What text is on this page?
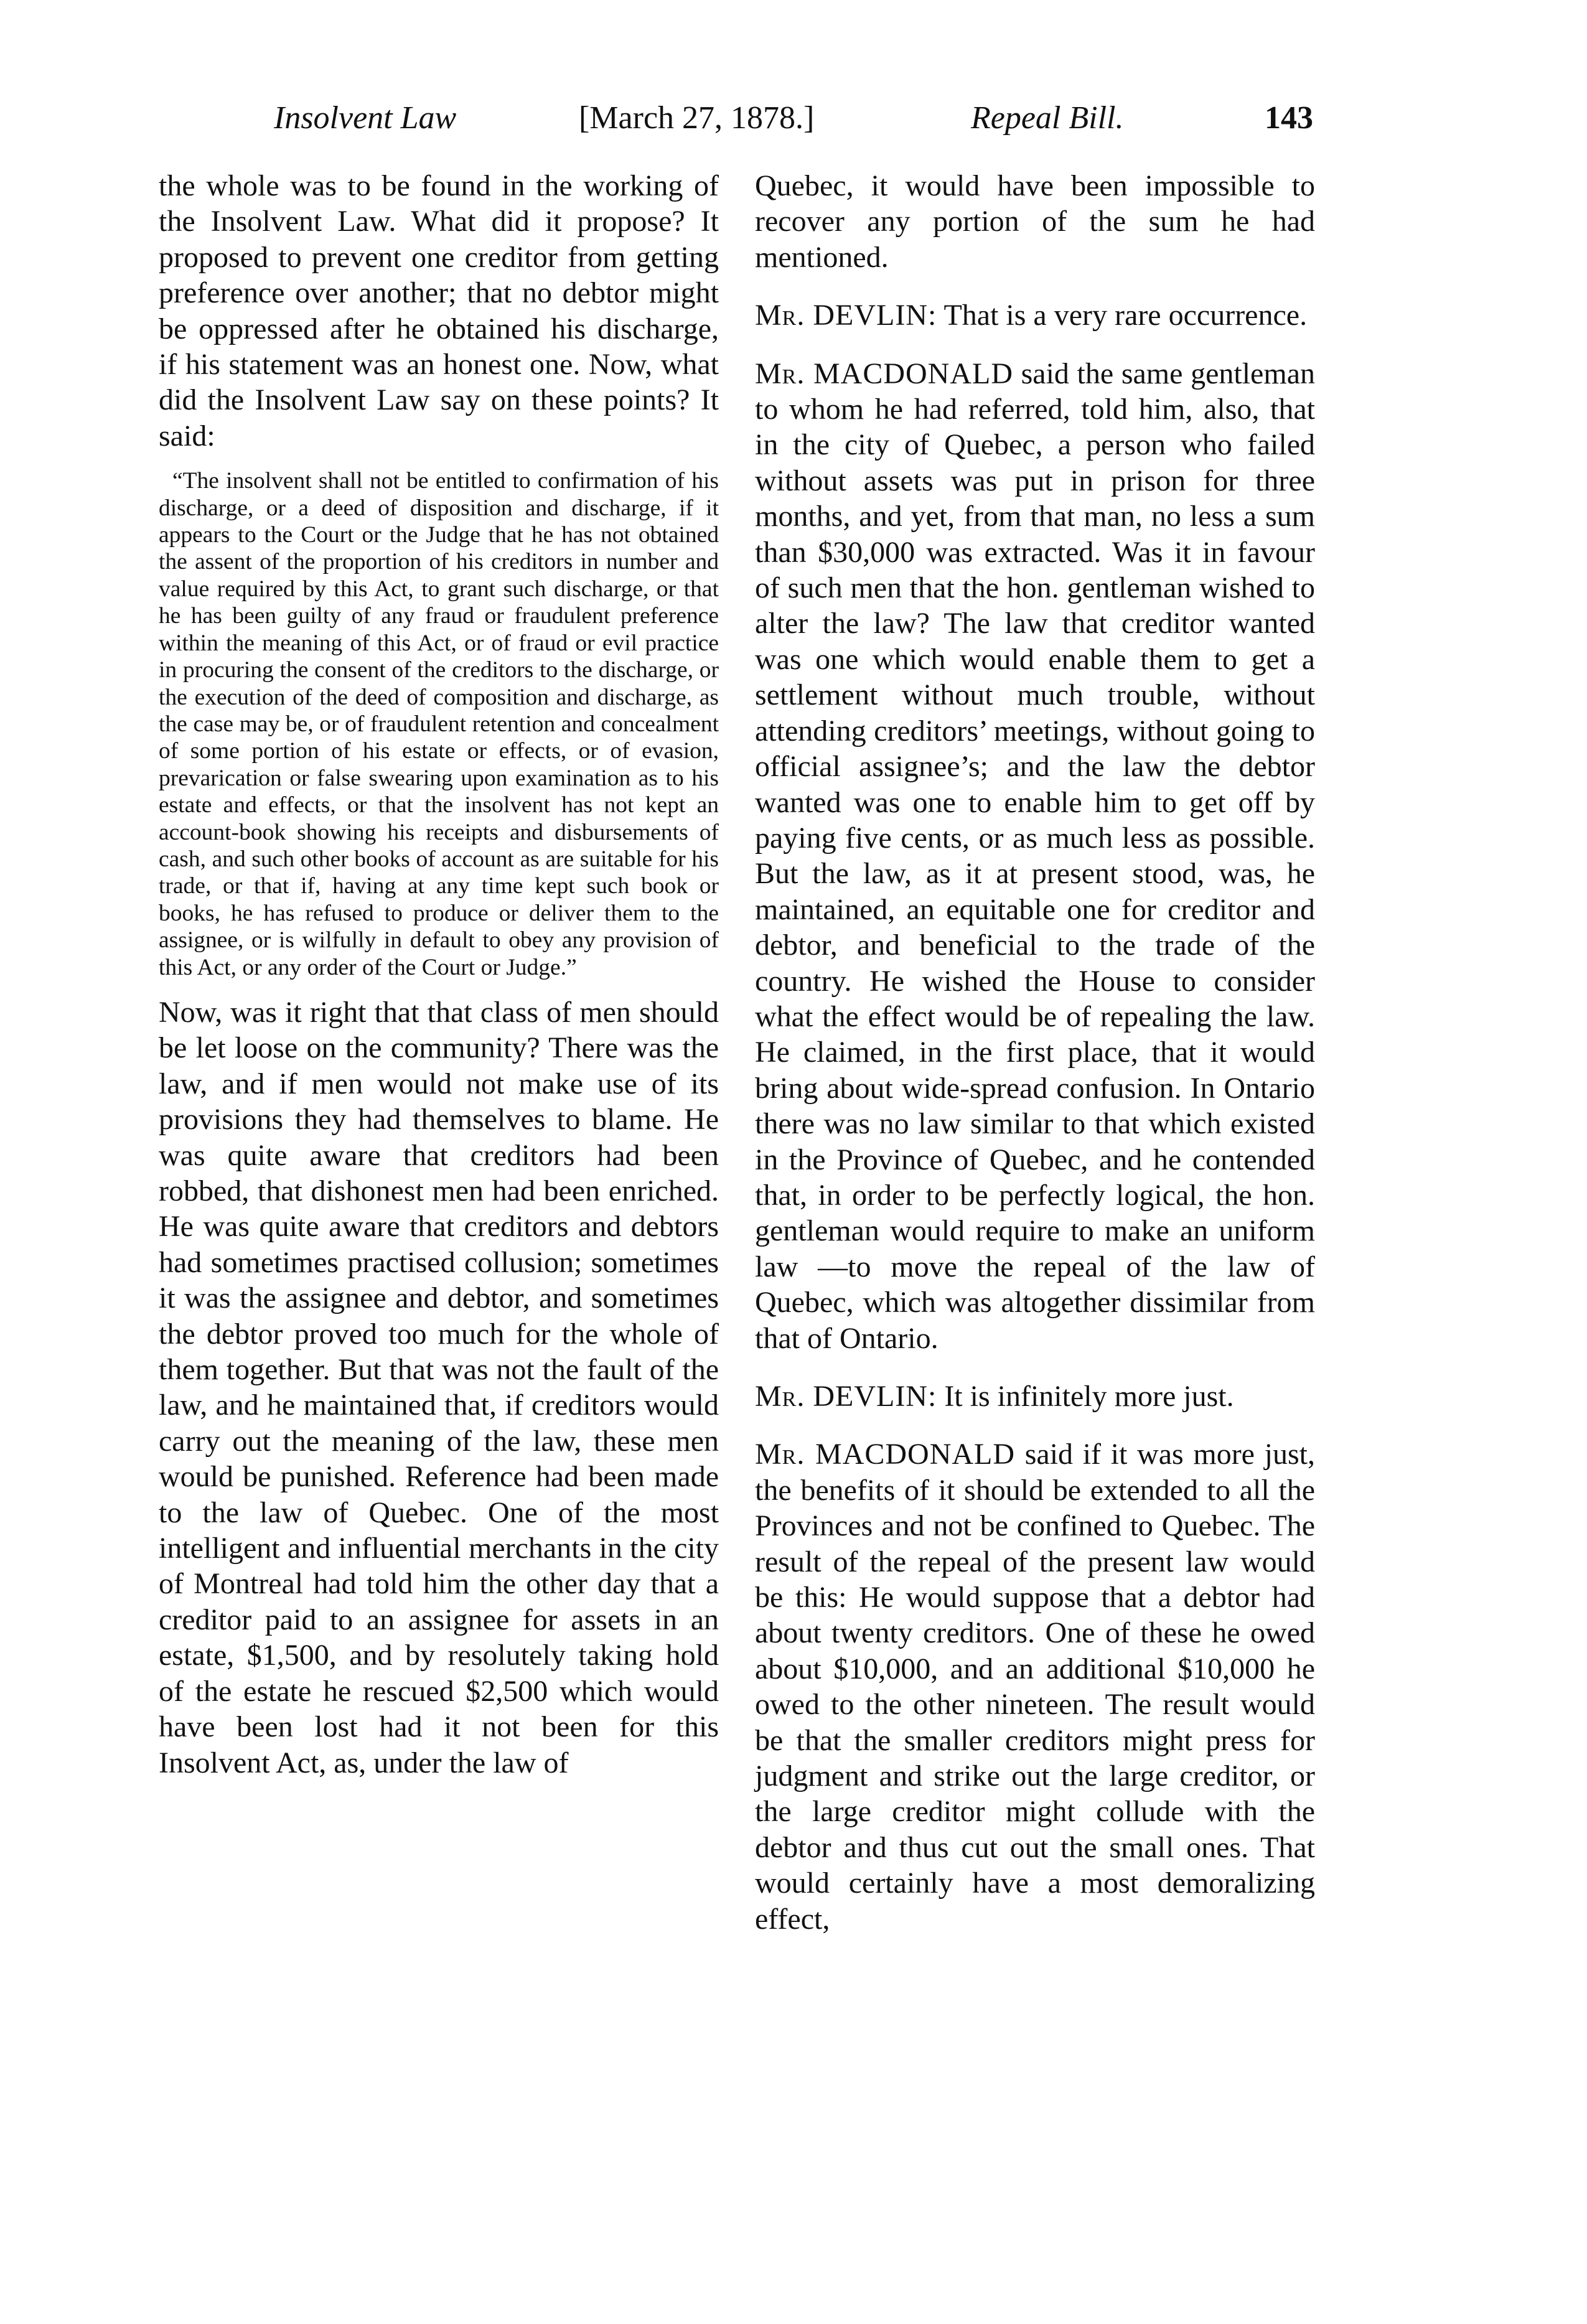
Insolvent Law	[March 27, 1878.]	Repeal Bill.	143

the whole was to be found in the working of the Insolvent Law. What did it propose? It proposed to prevent one creditor from getting preference over another; that no debtor might be oppressed after he obtained his discharge, if his statement was an honest one. Now, what did the Insolvent Law say on these points? It said:

“The insolvent shall not be entitled to confirmation of his discharge, or a deed of disposition and discharge, if it appears to the Court or the Judge that he has not obtained the assent of the proportion of his creditors in number and value required by this Act, to grant such discharge, or that he has been guilty of any fraud or fraudulent preference within the meaning of this Act, or of fraud or evil practice in procuring the consent of the creditors to the discharge, or the execution of the deed of composition and discharge, as the case may be, or of fraudulent retention and concealment of some portion of his estate or effects, or of evasion, prevarication or false swearing upon examination as to his estate and effects, or that the insolvent has not kept an account-book showing his receipts and disbursements of cash, and such other books of account as are suitable for his trade, or that if, having at any time kept such book or books, he has refused to produce or deliver them to the assignee, or is wilfully in default to obey any provision of this Act, or any order of the Court or Judge.”

Now, was it right that that class of men should be let loose on the community? There was the law, and if men would not make use of its provisions they had themselves to blame. He was quite aware that creditors had been robbed, that dishonest men had been enriched. He was quite aware that creditors and debtors had sometimes practised collusion; sometimes it was the assignee and debtor, and sometimes the debtor proved too much for the whole of them together. But that was not the fault of the law, and he maintained that, if creditors would carry out the meaning of the law, these men would be punished. Reference had been made to the law of Quebec. One of the most intelligent and influential merchants in the city of Montreal had told him the other day that a creditor paid to an assignee for assets in an estate, $1,500, and by resolutely taking hold of the estate he rescued $2,500 which would have been lost had it not been for this Insolvent Act, as, under the law of

Quebec, it would have been impossible to recover any portion of the sum he had mentioned.

Mr. DEVLIN: That is a very rare occurrence.

Mr. MACDONALD said the same gentleman to whom he had referred, told him, also, that in the city of Quebec, a person who failed without assets was put in prison for three months, and yet, from that man, no less a sum than $30,000 was extracted. Was it in favour of such men that the hon. gentleman wished to alter the law? The law that creditor wanted was one which would enable them to get a settlement without much trouble, without attending creditors’ meetings, without going to official assignee’s; and the law the debtor wanted was one to enable him to get off by paying five cents, or as much less as possible. But the law, as it at present stood, was, he maintained, an equitable one for creditor and debtor, and beneficial to the trade of the country. He wished the House to consider what the effect would be of repealing the law. He claimed, in the first place, that it would bring about wide-spread confusion. In Ontario there was no law similar to that which existed in the Province of Quebec, and he contended that, in order to be perfectly logical, the hon. gentleman would require to make an uniform law —to move the repeal of the law of Quebec, which was altogether dissimilar from that of Ontario.

Mr. DEVLIN: It is infinitely more just.

Mr. MACDONALD said if it was more just, the benefits of it should be extended to all the Provinces and not be confined to Quebec. The result of the repeal of the present law would be this: He would suppose that a debtor had about twenty creditors. One of these he owed about $10,000, and an additional $10,000 he owed to the other nineteen. The result would be that the smaller creditors might press for judgment and strike out the large creditor, or the large creditor might collude with the debtor and thus cut out the small ones. That would certainly have a most demoralizing effect,
